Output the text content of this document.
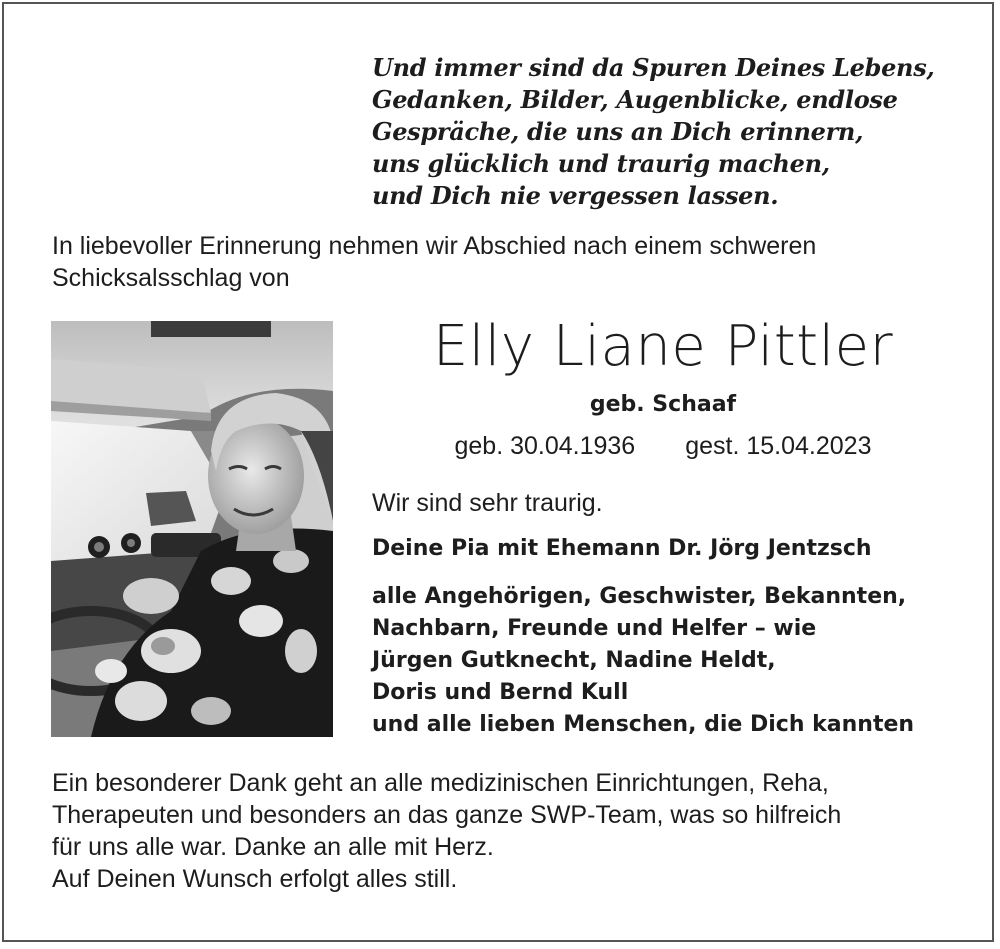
Und immer sind da Spuren Deines Lebens,
Gedanken, Bilder, Augenblicke, endlose
Gespräche, die uns an Dich erinnern,
uns glücklich und traurig machen,
und Dich nie vergessen lassen.
In liebevoller Erinnerung nehmen wir Abschied nach einem schweren
Schicksalsschlag von
Elly Liane Pittler
geb. Schaaf
geb. 30.04.1936 gest. 15.04.2023
Wir sind sehr traurig.
Deine Pia mit Ehemann Dr. Jörg Jentzsch
alle Angehörigen, Geschwister, Bekannten,
Nachbarn, Freunde und Helfer – wie
Jürgen Gutknecht, Nadine Heldt,
Doris und Bernd Kull
und alle lieben Menschen, die Dich kannten
Ein besonderer Dank geht an alle medizinischen Einrichtungen, Reha,
Therapeuten und besonders an das ganze SWP-Team, was so hilfreich
für uns alle war. Danke an alle mit Herz.
Auf Deinen Wunsch erfolgt alles still.
